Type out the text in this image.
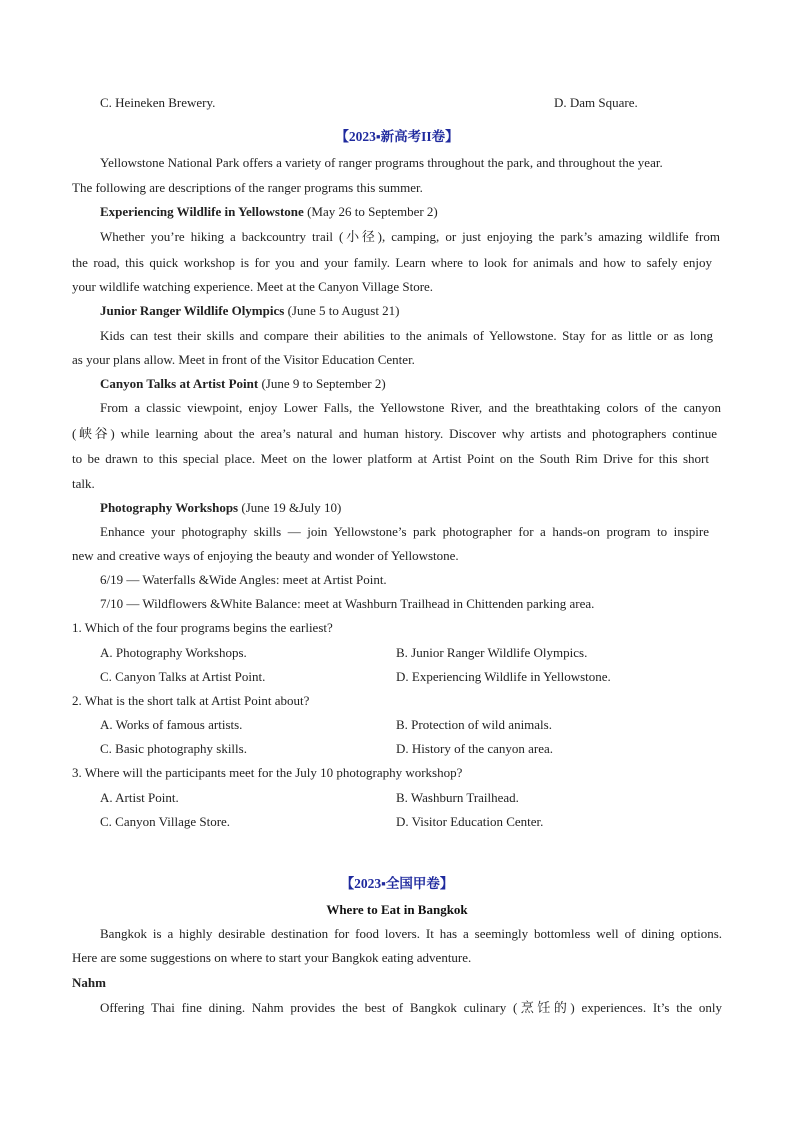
C. Heineken Brewery.	D. Dam Square.
【2023▪新高考II卷】
Yellowstone National Park offers a variety of ranger programs throughout the park, and throughout the year.
The following are descriptions of the ranger programs this summer.
Experiencing Wildlife in Yellowstone (May 26 to September 2)
Whether you’re hiking a backcountry trail (小径), camping, or just enjoying the park’s amazing wildlife from
the road, this quick workshop is for you and your family. Learn where to look for animals and how to safely enjoy
your wildlife watching experience. Meet at the Canyon Village Store.
Junior Ranger Wildlife Olympics (June 5 to August 21)
Kids can test their skills and compare their abilities to the animals of Yellowstone. Stay for as little or as long
as your plans allow. Meet in front of the Visitor Education Center.
Canyon Talks at Artist Point (June 9 to September 2)
From a classic viewpoint, enjoy Lower Falls, the Yellowstone River, and the breathtaking colors of the canyon
(峡谷) while learning about the area’s natural and human history. Discover why artists and photographers continue
to be drawn to this special place. Meet on the lower platform at Artist Point on the South Rim Drive for this short
talk.
Photography Workshops (June 19 &July 10)
Enhance your photography skills — join Yellowstone’s park photographer for a hands-on program to inspire
new and creative ways of enjoying the beauty and wonder of Yellowstone.
6/19 — Waterfalls &Wide Angles: meet at Artist Point.
7/10 — Wildflowers &White Balance: meet at Washburn Trailhead in Chittenden parking area.
1. Which of the four programs begins the earliest?
A. Photography Workshops.	B. Junior Ranger Wildlife Olympics.
C. Canyon Talks at Artist Point.	D. Experiencing Wildlife in Yellowstone.
2. What is the short talk at Artist Point about?
A. Works of famous artists.	B. Protection of wild animals.
C. Basic photography skills.	D. History of the canyon area.
3. Where will the participants meet for the July 10 photography workshop?
A. Artist Point.	B. Washburn Trailhead.
C. Canyon Village Store.	D. Visitor Education Center.
【2023▪全国甲卷】
Where to Eat in Bangkok
Bangkok is a highly desirable destination for food lovers. It has a seemingly bottomless well of dining options.
Here are some suggestions on where to start your Bangkok eating adventure.
Nahm
Offering Thai fine dining. Nahm provides the best of Bangkok culinary (烹饪的) experiences. It’s the only
